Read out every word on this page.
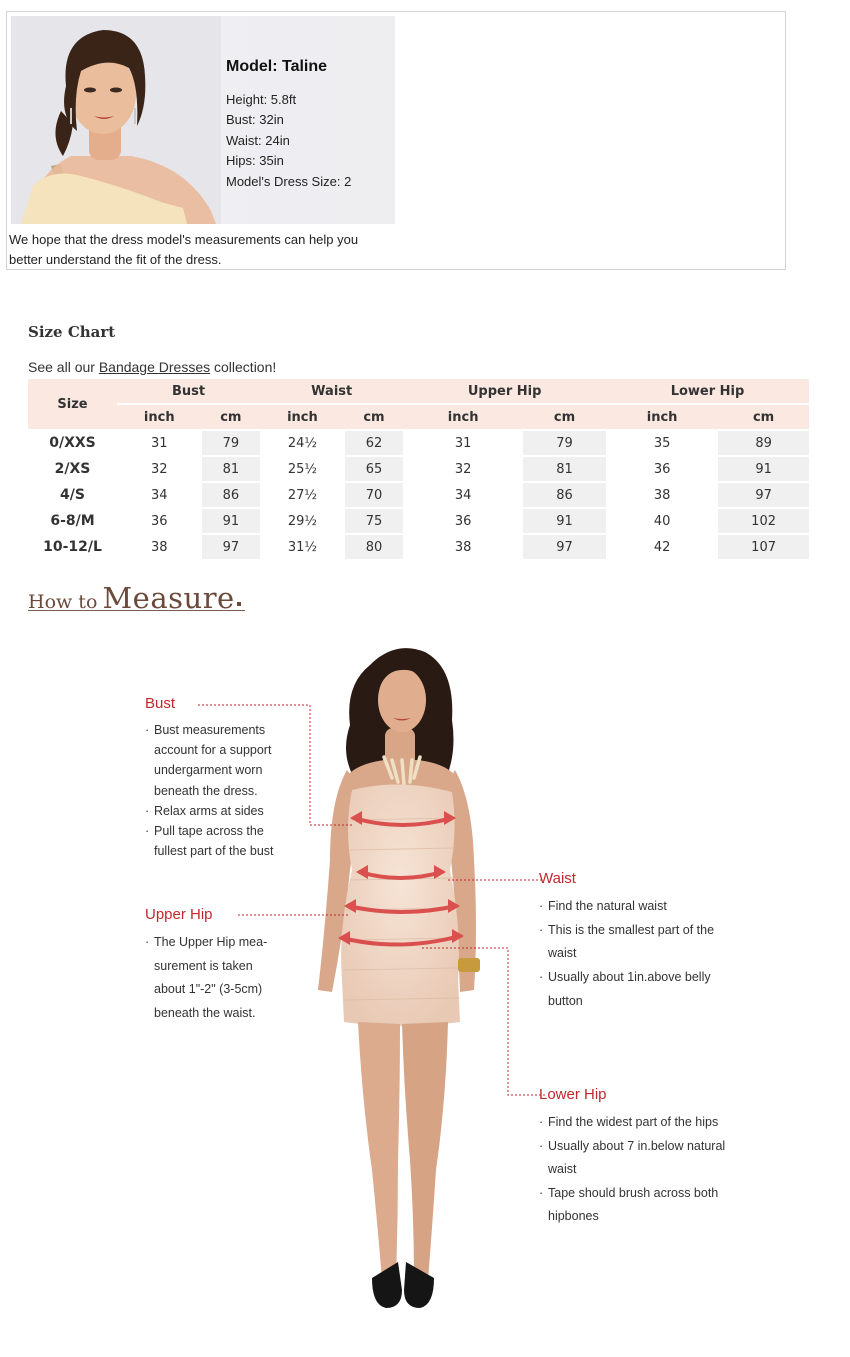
Model: Taline
Height: 5.8ft
Bust: 32in
Waist: 24in
Hips: 35in
Model's Dress Size: 2
We hope that the dress model's measurements can help you better understand the fit of the dress.
Size Chart
See all our Bandage Dresses collection!
Size	Bust		Waist		Upper Hip		Lower Hip	
	inch	cm	inch	cm	inch	cm	inch	cm
0/XXS	31	79	24½	62	31	79	35	89
2/XS	32	81	25½	65	32	81	36	91
4/S	34	86	27½	70	34	86	38	97
6-8/M	36	91	29½	75	36	91	40	102
10-12/L	38	97	31½	80	38	97	42	107
How to Measure
Bust
· Bust measurements
account for a support
undergarment worn
beneath the dress.
· Relax arms at sides
· Pull tape across the
fullest part of the bust
Upper Hip
· The Upper Hip mea-
surement is taken
about 1"-2" (3-5cm)
beneath the waist.
Waist
· Find the natural waist
· This is the smallest part of the
waist
· Usually about 1in.above belly
button
Lower Hip
· Find the widest part of the hips
· Usually about 7 in.below natural
waist
· Tape should brush across both
hipbones
